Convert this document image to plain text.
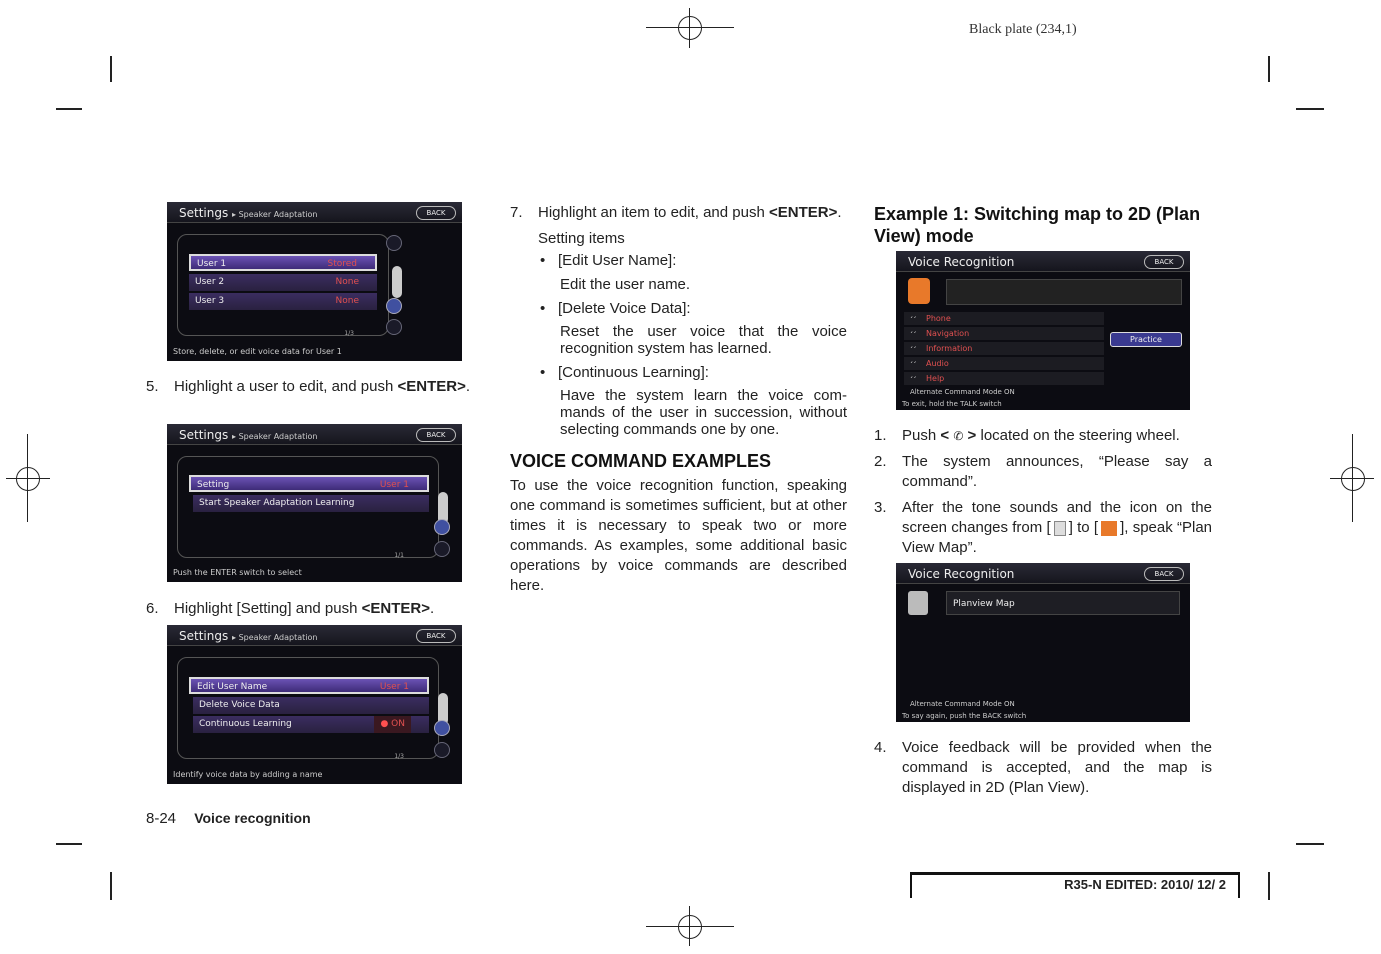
Black plate (234,1)
Settings ▸ Speaker Adaptation	BACK
User 1	Stored
User 2	None
User 3	None
1/3
Store, delete, or edit voice data for User 1
5. Highlight a user to edit, and push <ENTER>.
Settings ▸ Speaker Adaptation	BACK
Setting	User 1
Start Speaker Adaptation Learning
1/1
Push the ENTER switch to select
6. Highlight [Setting] and push <ENTER>.
Settings ▸ Speaker Adaptation	BACK
Edit User Name	User 1
Delete Voice Data
Continuous Learning	● ON
1/3
Identify voice data by adding a name
7. Highlight an item to edit, and push <ENTER>.
Setting items
• [Edit User Name]:
Edit the user name.
• [Delete Voice Data]:
Reset the user voice that the voice recognition system has learned.
• [Continuous Learning]:
Have the system learn the voice com-mands of the user in succession, without selecting commands one by one.
VOICE COMMAND EXAMPLES
To use the voice recognition function, speaking one command is sometimes sufficient, but at other times it is necessary to speak two or more commands. As examples, some additional basic operations by voice commands are described here.
Example 1: Switching map to 2D (Plan View) mode
Voice Recognition	BACK
׳׳ Phone
׳׳ Navigation
׳׳ Information
׳׳ Audio
׳׳ Help
Practice
Alternate Command Mode ON
To exit, hold the TALK switch
1. Push < ✆ > located on the steering wheel.
2. The system announces, “Please say a command”.
3. After the tone sounds and the icon on the screen changes from [ ] to [ ], speak “Plan View Map”.
Voice Recognition	BACK
Planview Map
Alternate Command Mode ON
To say again, push the BACK switch
4. Voice feedback will be provided when the command is accepted, and the map is displayed in 2D (Plan View).
8-24 Voice recognition
R35-N EDITED: 2010/ 12/ 2
